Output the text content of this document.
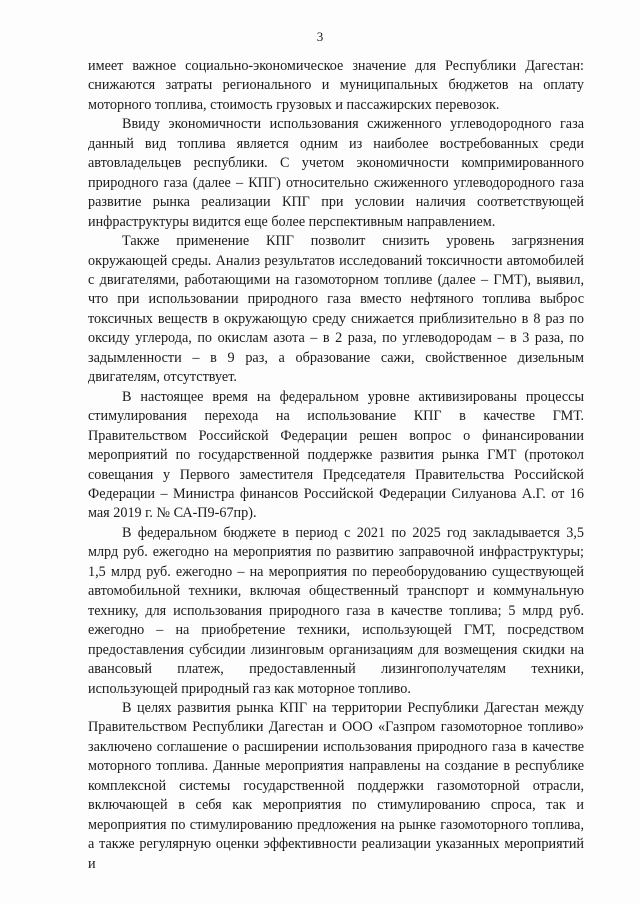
3

имеет важное социально-экономическое значение для Республики Дагестан: снижаются затраты регионального и муниципальных бюджетов на оплату моторного топлива, стоимость грузовых и пассажирских перевозок.

Ввиду экономичности использования сжиженного углеводородного газа данный вид топлива является одним из наиболее востребованных среди автовладельцев республики. С учетом экономичности компримированного природного газа (далее – КПГ) относительно сжиженного углеводородного газа развитие рынка реализации КПГ при условии наличия соответствующей инфраструктуры видится еще более перспективным направлением.

Также применение КПГ позволит снизить уровень загрязнения окружающей среды. Анализ результатов исследований токсичности автомобилей с двигателями, работающими на газомоторном топливе (далее – ГМТ), выявил, что при использовании природного газа вместо нефтяного топлива выброс токсичных веществ в окружающую среду снижается приблизительно в 8 раз по оксиду углерода, по окислам азота – в 2 раза, по углеводородам – в 3 раза, по задымленности – в 9 раз, а образование сажи, свойственное дизельным двигателям, отсутствует.

В настоящее время на федеральном уровне активизированы процессы стимулирования перехода на использование КПГ в качестве ГМТ. Правительством Российской Федерации решен вопрос о финансировании мероприятий по государственной поддержке развития рынка ГМТ (протокол совещания у Первого заместителя Председателя Правительства Российской Федерации – Министра финансов Российской Федерации Силуанова А.Г. от 16 мая 2019 г. № СА-П9-67пр).

В федеральном бюджете в период с 2021 по 2025 год закладывается 3,5 млрд руб. ежегодно на мероприятия по развитию заправочной инфраструктуры; 1,5 млрд руб. ежегодно – на мероприятия по переоборудованию существующей автомобильной техники, включая общественный транспорт и коммунальную технику, для использования природного газа в качестве топлива; 5 млрд руб. ежегодно – на приобретение техники, использующей ГМТ, посредством предоставления субсидии лизинговым организациям для возмещения скидки на авансовый платеж, предоставленный лизингополучателям техники, использующей природный газ как моторное топливо.

В целях развития рынка КПГ на территории Республики Дагестан между Правительством Республики Дагестан и ООО «Газпром газомоторное топливо» заключено соглашение о расширении использования природного газа в качестве моторного топлива. Данные мероприятия направлены на создание в республике комплексной системы государственной поддержки газомоторной отрасли, включающей в себя как мероприятия по стимулированию спроса, так и мероприятия по стимулированию предложения на рынке газомоторного топлива, а также регулярную оценки эффективности реализации указанных мероприятий и
